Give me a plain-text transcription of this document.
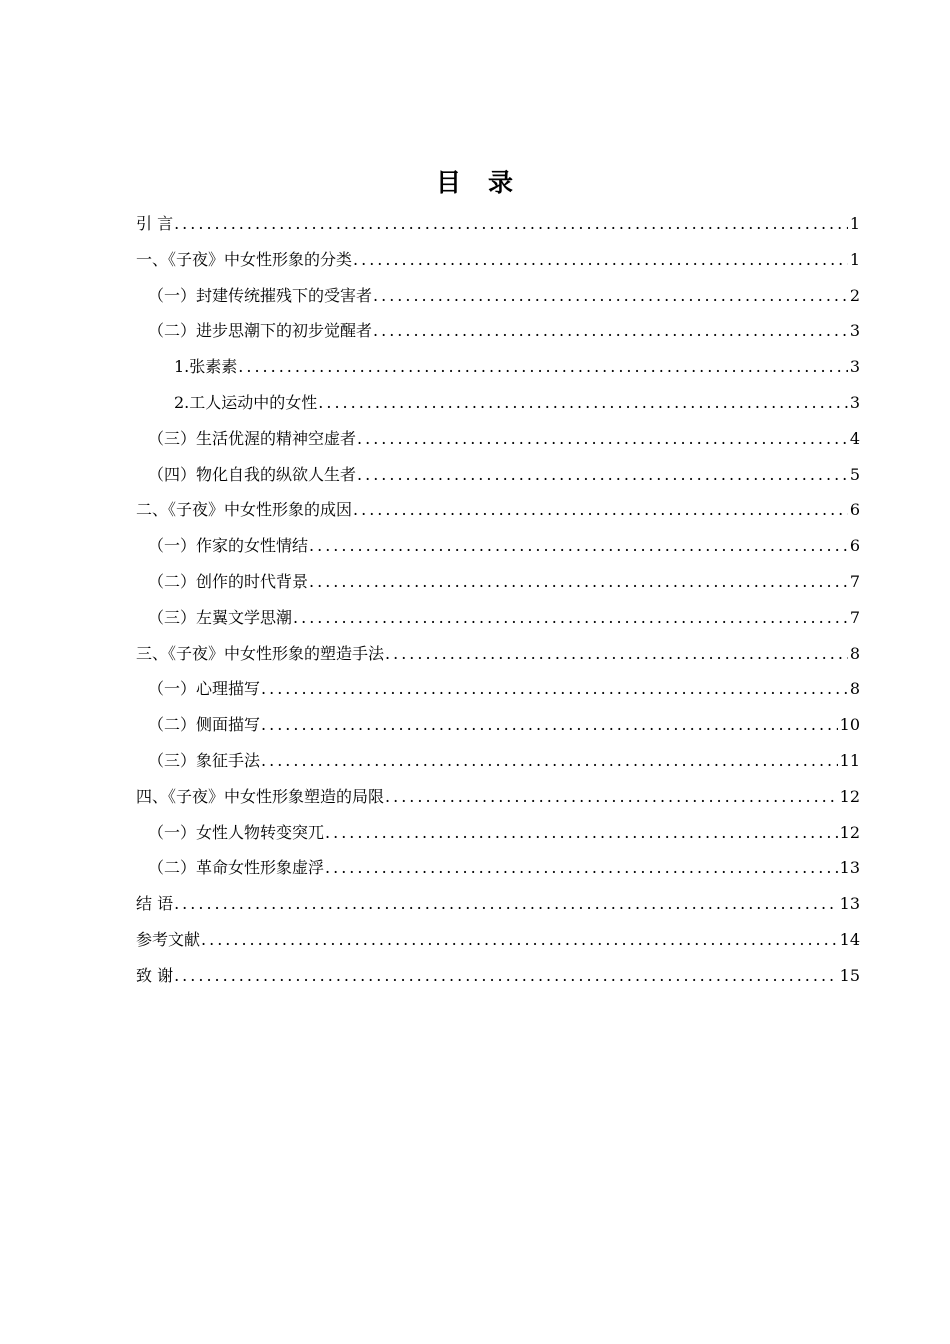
目 录
引 言 .....	1
一、《子夜》中女性形象的分类 .....	1
（一）封建传统摧残下的受害者 .....	2
（二）进步思潮下的初步觉醒者 .....	3
1.张素素 .....	3
2.工人运动中的女性 .....	3
（三）生活优渥的精神空虚者 .....	4
（四）物化自我的纵欲人生者 .....	5
二、《子夜》中女性形象的成因 .....	6
（一）作家的女性情结 .....	6
（二）创作的时代背景 .....	7
（三）左翼文学思潮 .....	7
三、《子夜》中女性形象的塑造手法 .....	8
（一）心理描写 .....	8
（二）侧面描写 .....	10
（三）象征手法 .....	11
四、《子夜》中女性形象塑造的局限 .....	12
（一）女性人物转变突兀 .....	12
（二）革命女性形象虚浮 .....	13
结 语 .....	13
参考文献 .....	14
致 谢 .....	15
